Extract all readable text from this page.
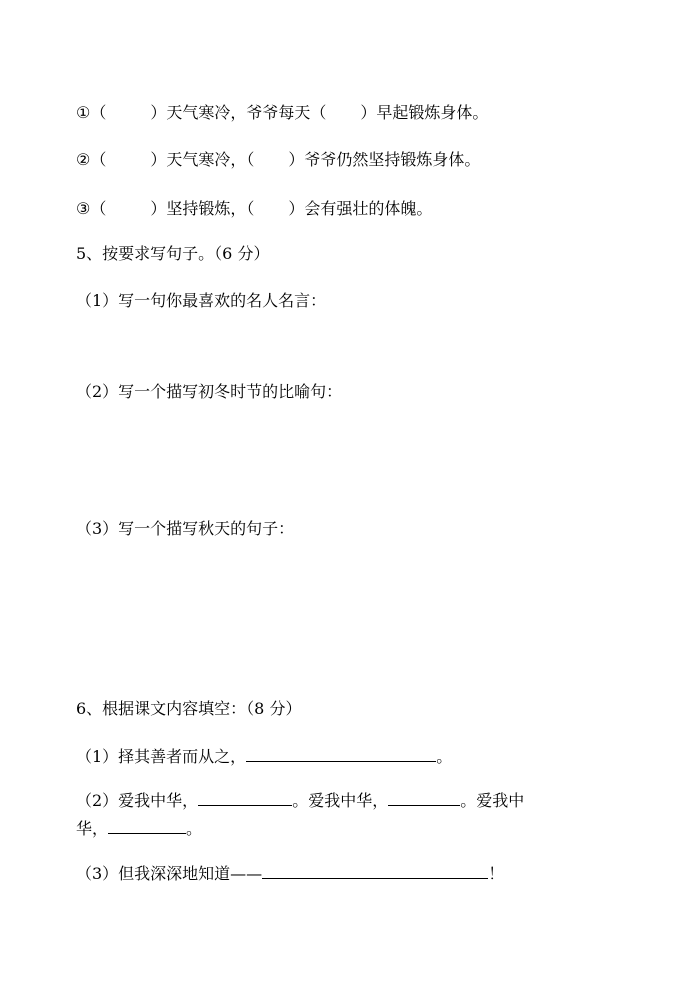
①（	）天气寒冷，爷爷每天（ ）早起锻炼身体。
②（	）天气寒冷，（ ）爷爷仍然坚持锻炼身体。
③（	）坚持锻炼，（ ）会有强壮的体魄。
5、按要求写句子。（6 分）
（1）写一句你最喜欢的名人名言：
（2）写一个描写初冬时节的比喻句：
（3）写一个描写秋天的句子：
6、根据课文内容填空：（8 分）
（1）择其善者而从之，	。
（2）爱我中华，	。爱我中华，	。爱我中
华，	。
（3）但我深深地知道——	！
